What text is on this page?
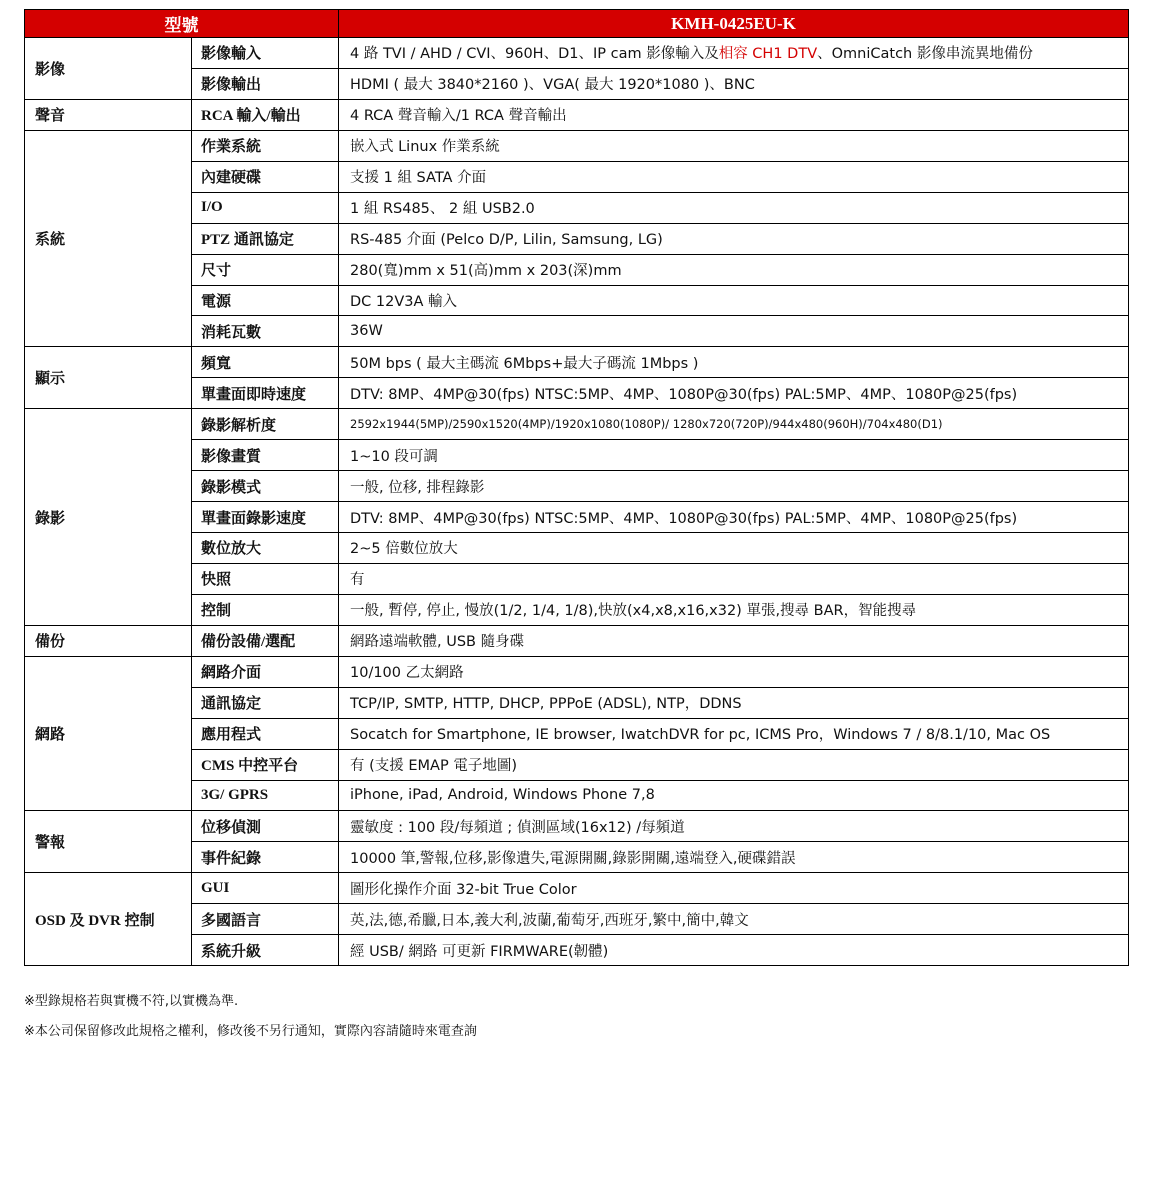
型號		KMH-0425EU-K
影像	影像輸入	4 路 TVI / AHD / CVI、960H、D1、IP cam 影像輸入及相容 CH1 DTV、OmniCatch 影像串流異地備份
	影像輸出	HDMI ( 最大 3840*2160 )、VGA( 最大 1920*1080 )、BNC
聲音	RCA 輸入/輸出	4 RCA 聲音輸入/1 RCA 聲音輸出
系統	作業系統	嵌入式 Linux 作業系統
	內建硬碟	支援 1 組 SATA 介面
	I/O	1 組 RS485、 2 組 USB2.0
	PTZ 通訊協定	RS-485 介面 (Pelco D/P, Lilin, Samsung, LG)
	尺寸	280(寬)mm x 51(高)mm x 203(深)mm
	電源	DC 12V3A 輸入
	消耗瓦數	36W
顯示	頻寬	50M bps ( 最大主碼流 6Mbps+最大子碼流 1Mbps )
	單畫面即時速度	DTV: 8MP、4MP@30(fps) NTSC:5MP、4MP、1080P@30(fps) PAL:5MP、4MP、1080P@25(fps)
錄影	錄影解析度	2592x1944(5MP)/2590x1520(4MP)/1920x1080(1080P)/ 1280x720(720P)/944x480(960H)/704x480(D1)
	影像畫質	1~10 段可調
	錄影模式	一般, 位移, 排程錄影
	單畫面錄影速度	DTV: 8MP、4MP@30(fps) NTSC:5MP、4MP、1080P@30(fps) PAL:5MP、4MP、1080P@25(fps)
	數位放大	2~5 倍數位放大
	快照	有
	控制	一般, 暫停, 停止, 慢放(1/2, 1/4, 1/8),快放(x4,x8,x16,x32) 單張,搜尋 BAR，智能搜尋
備份	備份設備/選配	網路遠端軟體, USB 隨身碟
網路	網路介面	10/100 乙太網路
	通訊協定	TCP/IP, SMTP, HTTP, DHCP, PPPoE (ADSL), NTP，DDNS
	應用程式	Socatch for Smartphone, IE browser, IwatchDVR for pc, ICMS Pro，Windows 7 / 8/8.1/10, Mac OS
	CMS 中控平台	有 (支援 EMAP 電子地圖)
	3G/ GPRS	iPhone, iPad, Android, Windows Phone 7,8
警報	位移偵測	靈敏度 : 100 段/每頻道 ; 偵測區域(16x12) /每頻道
	事件紀錄	10000 筆,警報,位移,影像遺失,電源開關,錄影開關,遠端登入,硬碟錯誤
OSD 及 DVR 控制	GUI	圖形化操作介面 32-bit True Color
	多國語言	英,法,德,希臘,日本,義大利,波蘭,葡萄牙,西班牙,繁中,簡中,韓文
	系統升級	經 USB/ 網路 可更新 FIRMWARE(韌體)
※型錄規格若與實機不符,以實機為準.
※本公司保留修改此規格之權利，修改後不另行通知，實際內容請隨時來電查詢
